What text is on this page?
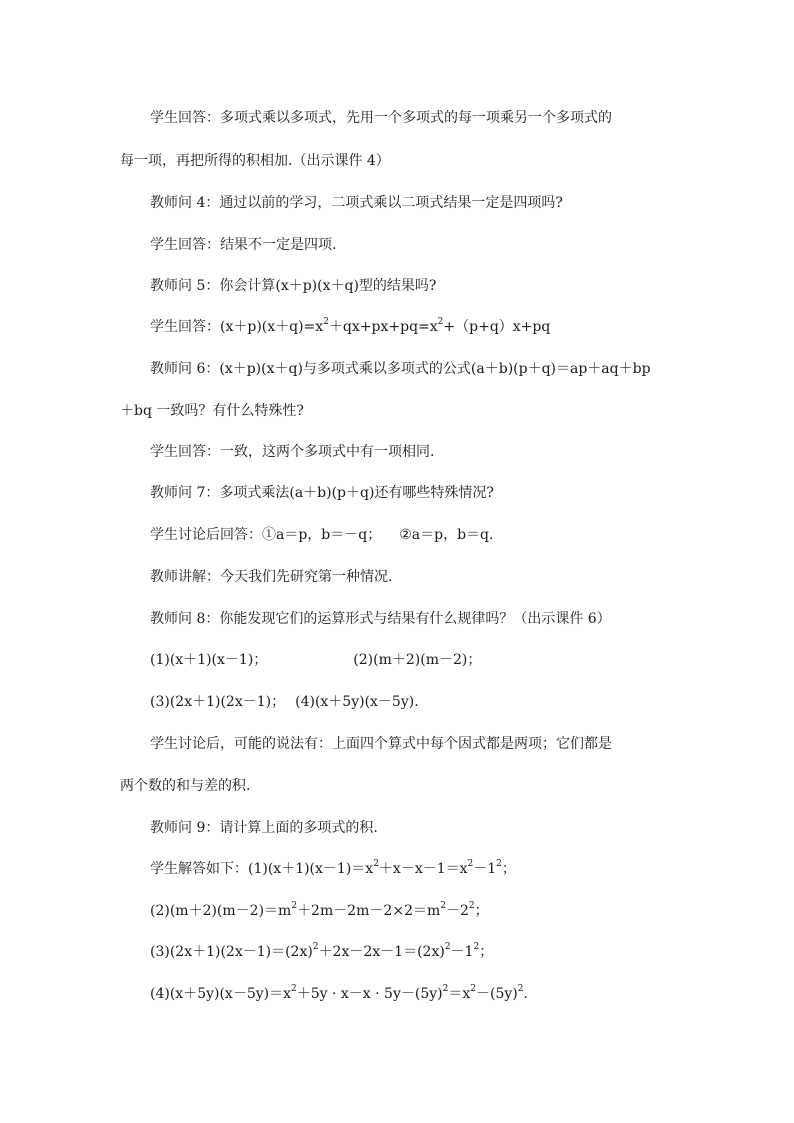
学生回答：多项式乘以多项式，先用一个多项式的每一项乘另一个多项式的
每一项，再把所得的积相加.（出示课件 4）
教师问 4：通过以前的学习，二项式乘以二项式结果一定是四项吗?
学生回答：结果不一定是四项.
教师问 5：你会计算(x＋p)(x＋q)型的结果吗?
学生回答：$(x+p)(x+q)=x^2+qx+px+pq=x^2+(p+q)x+pq$
教师问 6：(x＋p)(x＋q)与多项式乘以多项式的公式(a＋b)(p＋q)＝ap＋aq＋bp
＋bq 一致吗？有什么特殊性?
学生回答：一致，这两个多项式中有一项相同.
教师问 7：多项式乘法(a＋b)(p＋q)还有哪些特殊情况?
学生讨论后回答：①a＝p，b＝－q； ②a＝p，b＝q.
教师讲解：今天我们先研究第一种情况.
教师问 8：你能发现它们的运算形式与结果有什么规律吗？（出示课件 6）
(1)(x＋1)(x－1)；	(2)(m＋2)(m－2)；
(3)(2x＋1)(2x－1)； (4)(x＋5y)(x－5y).
学生讨论后，可能的说法有：上面四个算式中每个因式都是两项；它们都是
两个数的和与差的积.
教师问 9：请计算上面的多项式的积.
学生解答如下：$(1)(x+1)(x-1)=x^2+x-x-1=x^2-1^2$；
$(2)(m+2)(m-2)=m^2+2m-2m-2\times 2=m^2-2^2$；
$(3)(2x+1)(2x-1)=(2x)^2+2x-2x-1=(2x)^2-1^2$；
$(4)(x+5y)(x-5y)=x^2+5y \cdot x-x \cdot 5y-(5y)^2=x^2-(5y)^2$.
